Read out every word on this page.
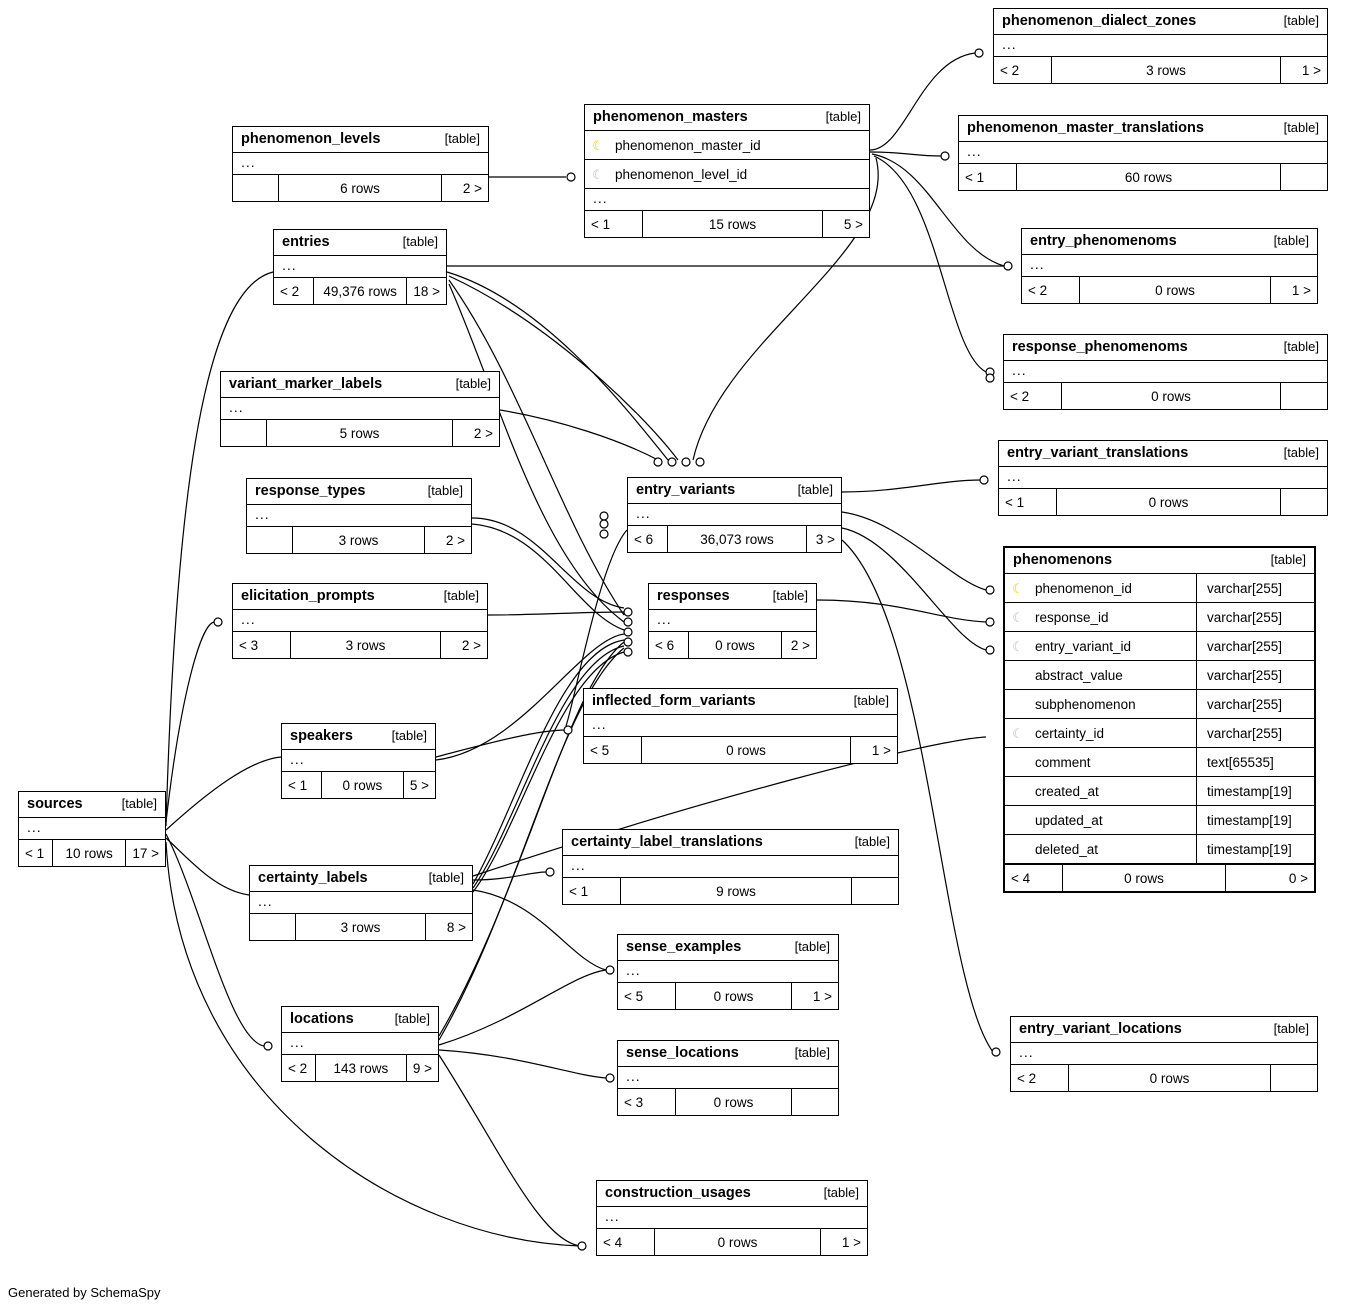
phenomenon_dialect_zones	[table]
...
< 2	3 rows	1 >
phenomenon_levels	[table]
...
6 rows	2 >
phenomenon_masters	[table]
☾ phenomenon_master_id
☾ phenomenon_level_id
...
< 1	15 rows	5 >
phenomenon_master_translations	[table]
...
< 1	60 rows
entries	[table]
...
< 2	49,376 rows	18 >
entry_phenomenoms	[table]
...
< 2	0 rows	1 >
response_phenomenoms	[table]
...
< 2	0 rows
variant_marker_labels	[table]
...
5 rows	2 >
entry_variant_translations	[table]
...
< 1	0 rows
response_types	[table]
...
3 rows	2 >
entry_variants	[table]
...
< 6	36,073 rows	3 >
phenomenons	[table]
☾ phenomenon_id	varchar[255]
☾ response_id	varchar[255]
☾ entry_variant_id	varchar[255]
abstract_value	varchar[255]
subphenomenon	varchar[255]
☾ certainty_id	varchar[255]
comment	text[65535]
created_at	timestamp[19]
updated_at	timestamp[19]
deleted_at	timestamp[19]
< 4	0 rows	0 >
elicitation_prompts	[table]
...
< 3	3 rows	2 >
responses	[table]
...
< 6	0 rows	2 >
inflected_form_variants	[table]
...
< 5	0 rows	1 >
speakers	[table]
...
< 1	0 rows	5 >
sources	[table]
...
< 1	10 rows	17 >
certainty_label_translations	[table]
...
< 1	9 rows
certainty_labels	[table]
...
3 rows	8 >
sense_examples	[table]
...
< 5	0 rows	1 >
locations	[table]
...
< 2	143 rows	9 >
entry_variant_locations	[table]
...
< 2	0 rows
sense_locations	[table]
...
< 3	0 rows
construction_usages	[table]
...
< 4	0 rows	1 >
Generated by SchemaSpy
